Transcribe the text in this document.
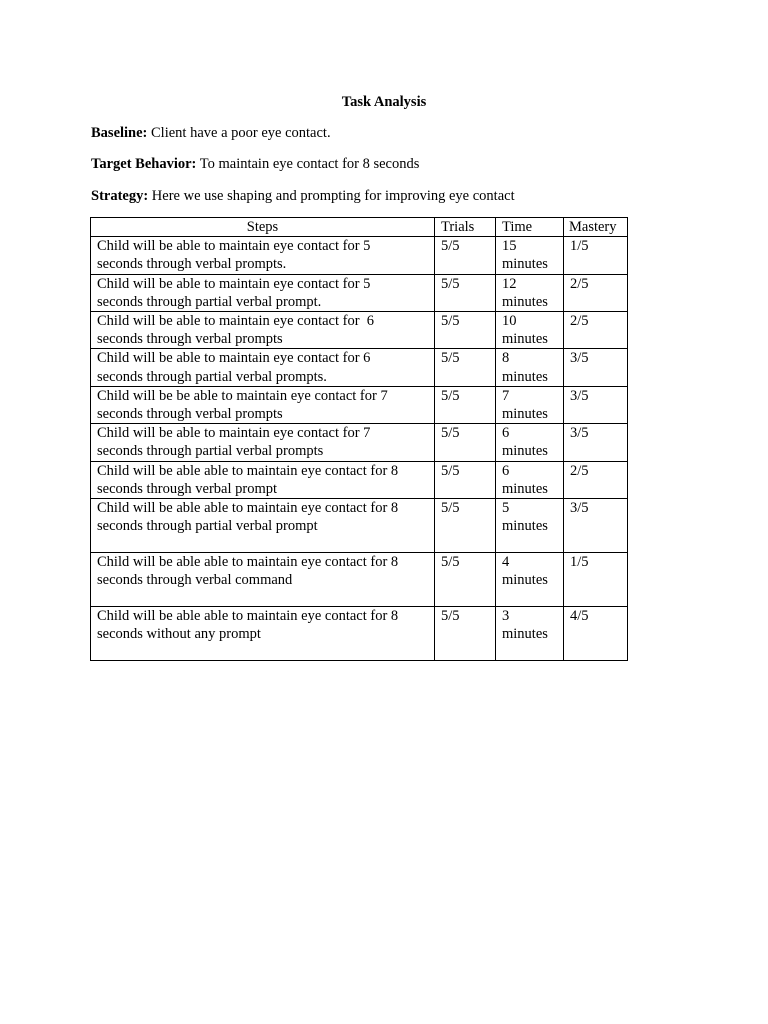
Task Analysis
Baseline: Client have a poor eye contact.
Target Behavior: To maintain eye contact for 8 seconds
Strategy: Here we use shaping and prompting for improving eye contact
Steps	Trials	Time	Mastery
Child will be able to maintain eye contact for 5
seconds through verbal prompts.	5/5	15
minutes	1/5
Child will be able to maintain eye contact for 5
seconds through partial verbal prompt.	5/5	12
minutes	2/5
Child will be able to maintain eye contact for  6
seconds through verbal prompts	5/5	10
minutes	2/5
Child will be able to maintain eye contact for 6
seconds through partial verbal prompts.	5/5	8
minutes	3/5
Child will be be able to maintain eye contact for 7
seconds through verbal prompts	5/5	7
minutes	3/5
Child will be able to maintain eye contact for 7
seconds through partial verbal prompts	5/5	6
minutes	3/5
Child will be able able to maintain eye contact for 8
seconds through verbal prompt	5/5	6
minutes	2/5
Child will be able able to maintain eye contact for 8
seconds through partial verbal prompt	5/5	5
minutes	3/5
Child will be able able to maintain eye contact for 8
seconds through verbal command	5/5	4
minutes	1/5
Child will be able able to maintain eye contact for 8
seconds without any prompt	5/5	3
minutes	4/5
